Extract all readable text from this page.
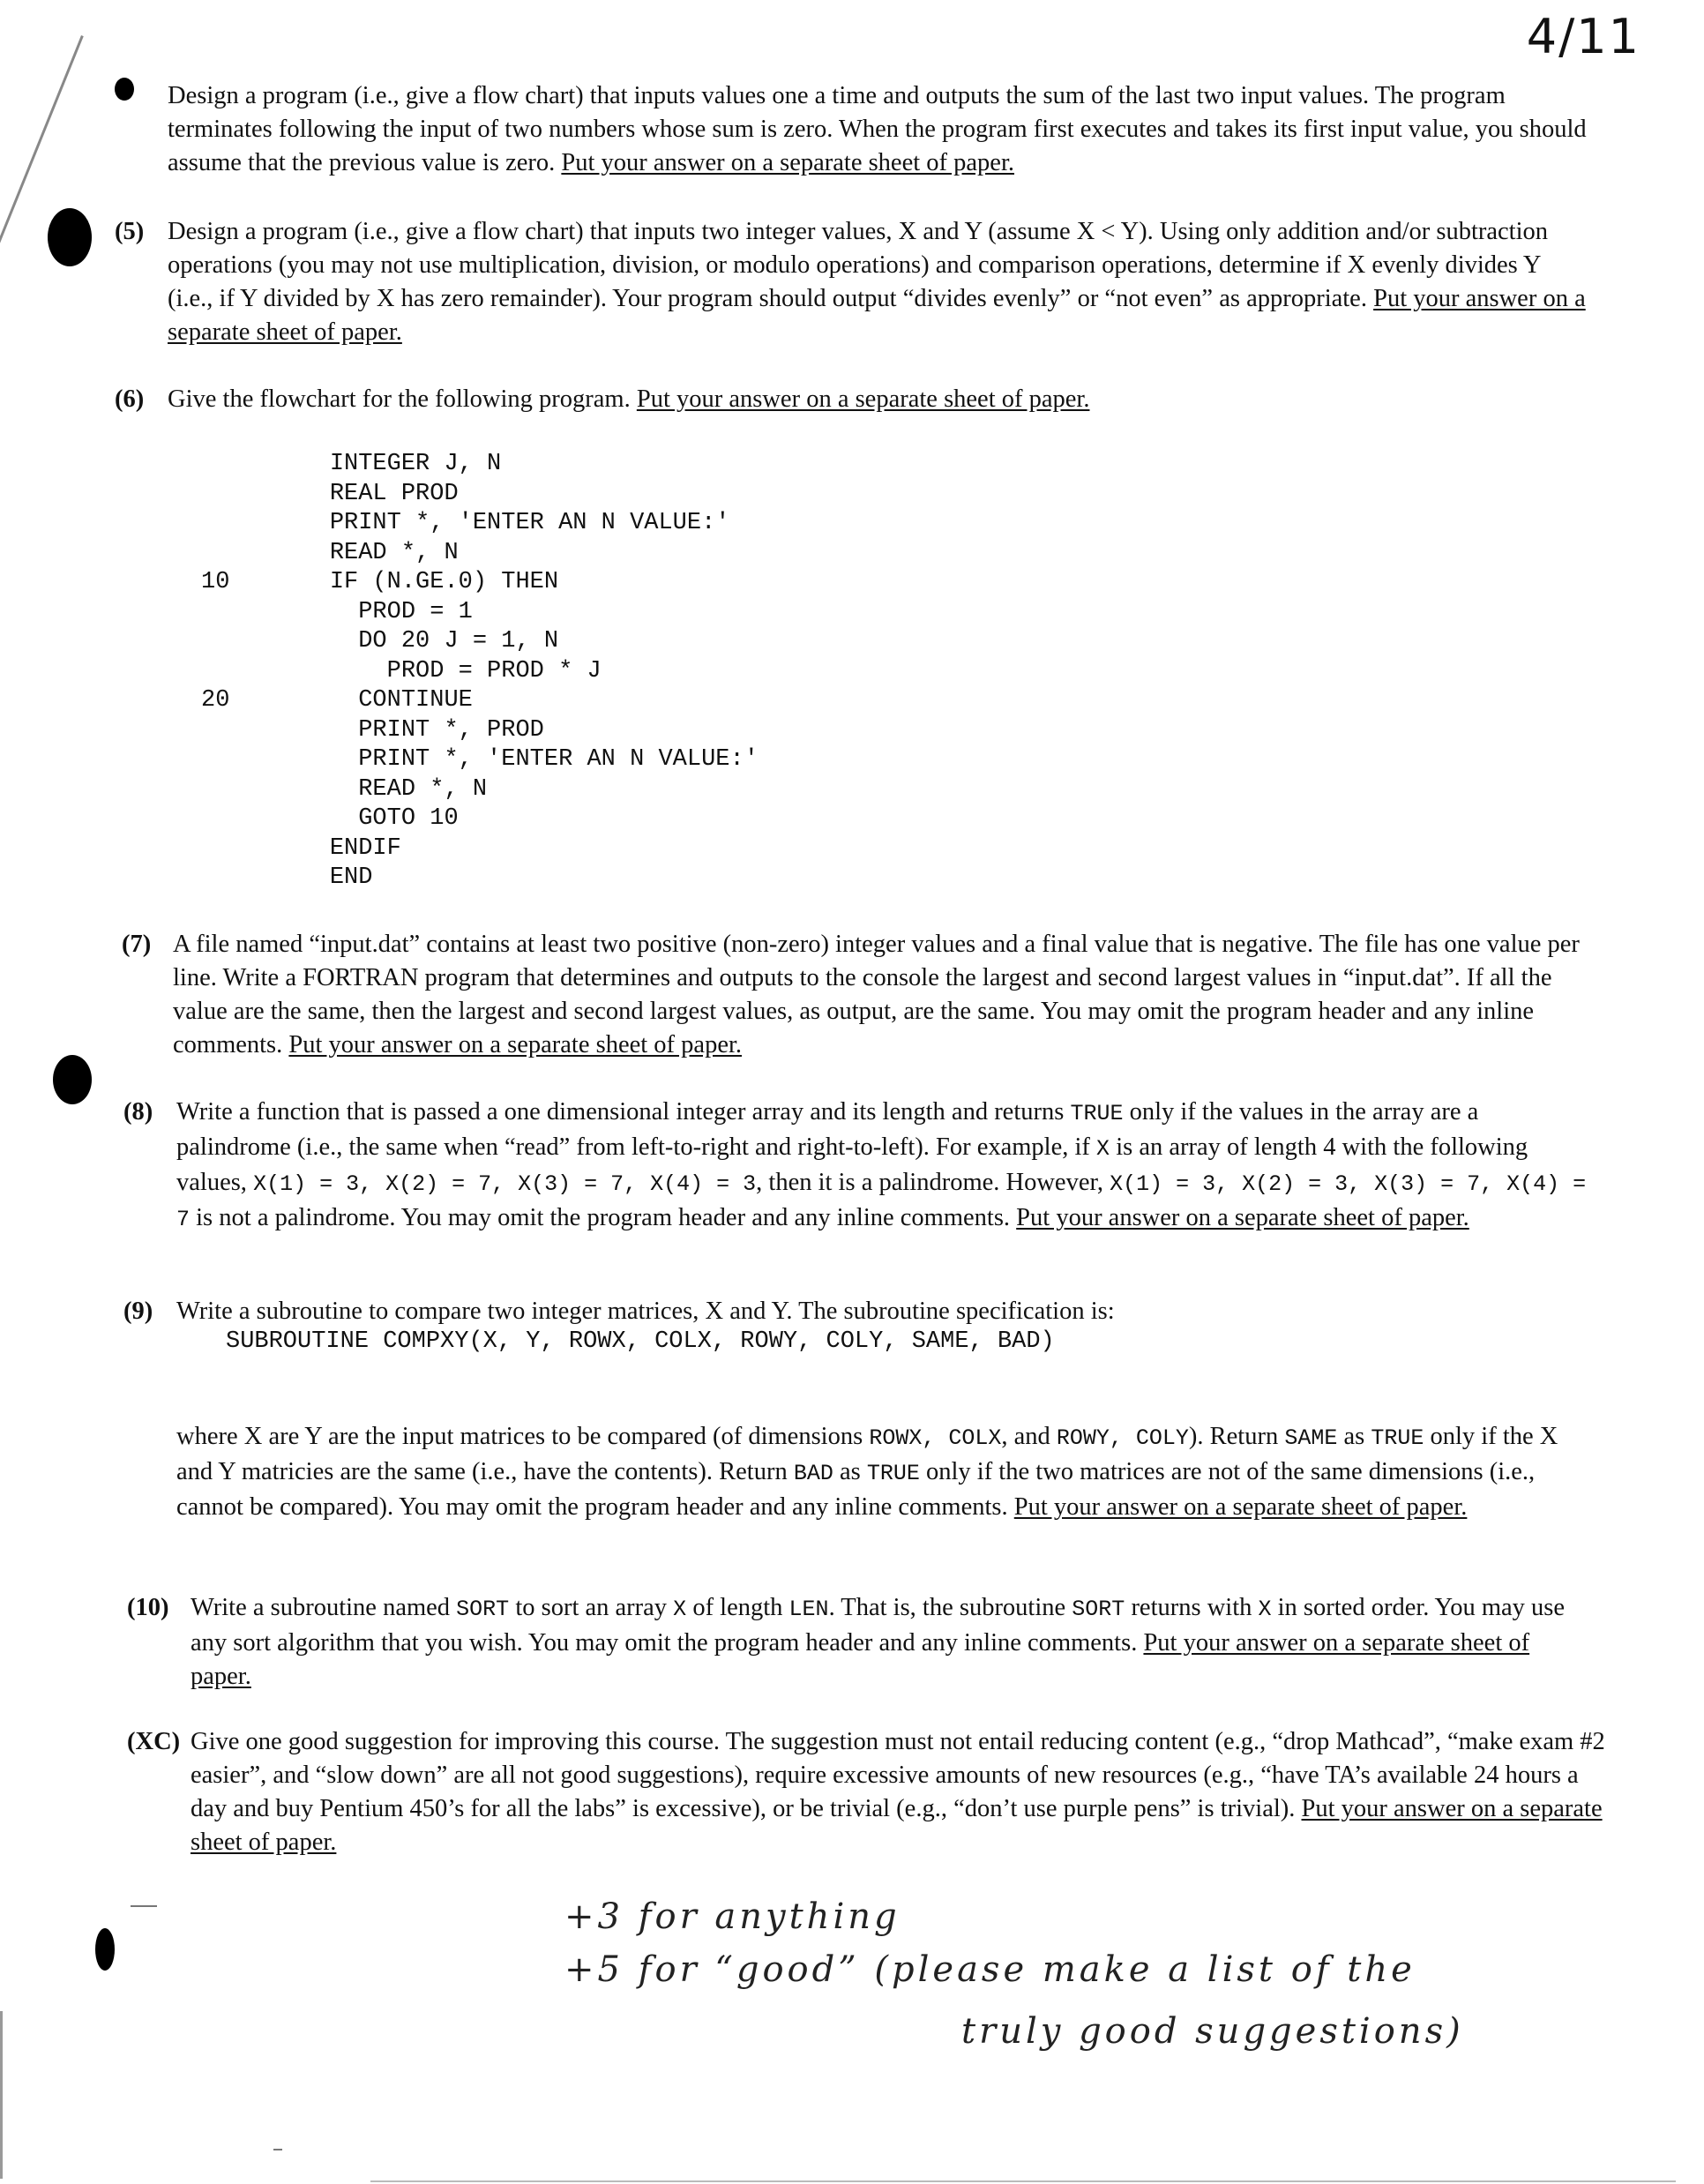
4/11
Design a program (i.e., give a flow chart) that inputs values one a time and outputs the sum of the last two input values. The program terminates following the input of two numbers whose sum is zero. When the program first executes and takes its first input value, you should assume that the previous value is zero. Put your answer on a separate sheet of paper.
(5) Design a program (i.e., give a flow chart) that inputs two integer values, X and Y (assume X < Y). Using only addition and/or subtraction operations (you may not use multiplication, division, or modulo operations) and comparison operations, determine if X evenly divides Y (i.e., if Y divided by X has zero remainder). Your program should output “divides evenly” or “not even” as appropriate. Put your answer on a separate sheet of paper.
(6) Give the flowchart for the following program. Put your answer on a separate sheet of paper.
INTEGER J, N
REAL PROD
PRINT *, 'ENTER AN N VALUE:'
READ *, N
10       IF (N.GE.0) THEN
PROD = 1
DO 20 J = 1, N
PROD = PROD * J
20         CONTINUE
PRINT *, PROD
PRINT *, 'ENTER AN N VALUE:'
READ *, N
GOTO 10
ENDIF
END
(7) A file named “input.dat” contains at least two positive (non-zero) integer values and a final value that is negative. The file has one value per line. Write a FORTRAN program that determines and outputs to the console the largest and second largest values in “input.dat”. If all the value are the same, then the largest and second largest values, as output, are the same. You may omit the program header and any inline comments. Put your answer on a separate sheet of paper.
(8) Write a function that is passed a one dimensional integer array and its length and returns TRUE only if the values in the array are a palindrome (i.e., the same when “read” from left-to-right and right-to-left). For example, if X is an array of length 4 with the following values, X(1) = 3, X(2) = 7, X(3) = 7, X(4) = 3, then it is a palindrome. However, X(1) = 3, X(2) = 3, X(3) = 7, X(4) = 7 is not a palindrome. You may omit the program header and any inline comments. Put your answer on a separate sheet of paper.
(9) Write a subroutine to compare two integer matrices, X and Y. The subroutine specification is:
SUBROUTINE COMPXY(X, Y, ROWX, COLX, ROWY, COLY, SAME, BAD)
where X are Y are the input matrices to be compared (of dimensions ROWX, COLX, and ROWY, COLY). Return SAME as TRUE only if the X and Y matricies are the same (i.e., have the contents). Return BAD as TRUE only if the two matrices are not of the same dimensions (i.e., cannot be compared). You may omit the program header and any inline comments. Put your answer on a separate sheet of paper.
(10) Write a subroutine named SORT to sort an array X of length LEN. That is, the subroutine SORT returns with X in sorted order. You may use any sort algorithm that you wish. You may omit the program header and any inline comments. Put your answer on a separate sheet of paper.
(XC) Give one good suggestion for improving this course. The suggestion must not entail reducing content (e.g., “drop Mathcad”, “make exam #2 easier”, and “slow down” are all not good suggestions), require excessive amounts of new resources (e.g., “have TA’s available 24 hours a day and buy Pentium 450’s for all the labs” is excessive), or be trivial (e.g., “don’t use purple pens” is trivial). Put your answer on a separate sheet of paper.
+3 for anything
+5 for “good” (please make a list of the
truly good suggestions)
